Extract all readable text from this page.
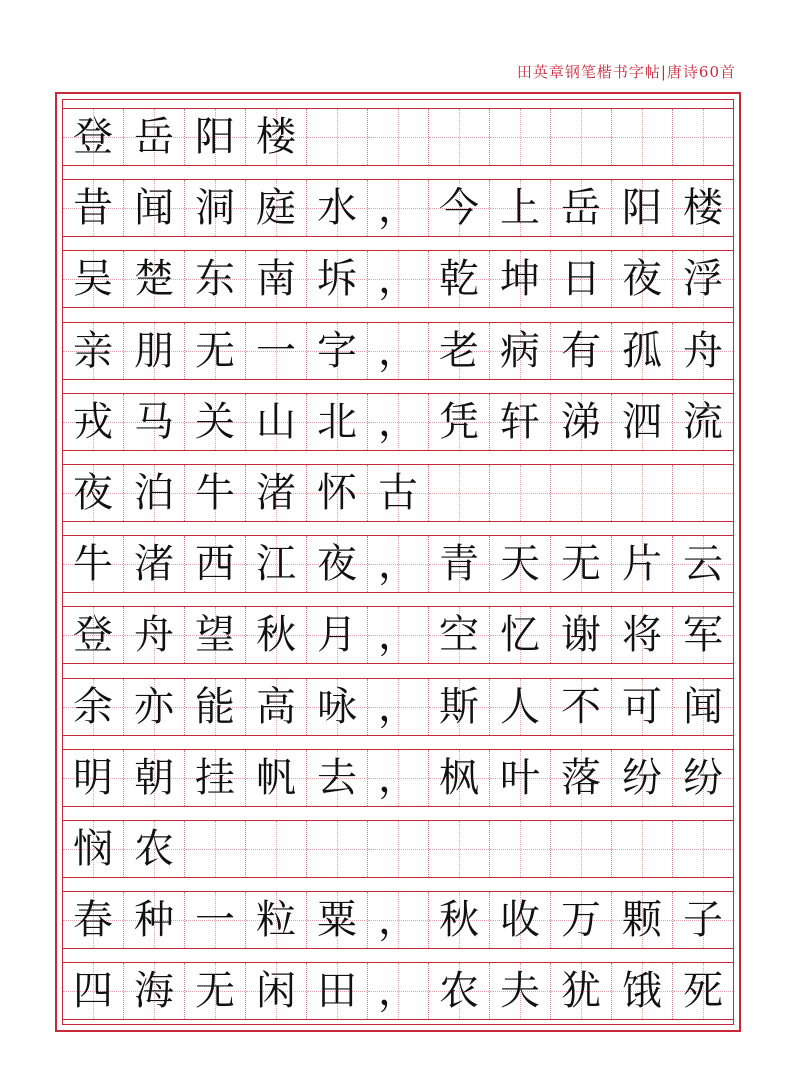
田英章钢笔楷书字帖|唐诗60首
登 岳 阳 楼
昔 闻 洞 庭 水 ， 今 上 岳 阳 楼
吴 楚 东 南 坼 ， 乾 坤 日 夜 浮
亲 朋 无 一 字 ， 老 病 有 孤 舟
戎 马 关 山 北 ， 凭 轩 涕 泗 流
夜 泊 牛 渚 怀 古
牛 渚 西 江 夜 ， 青 天 无 片 云
登 舟 望 秋 月 ， 空 忆 谢 将 军
余 亦 能 高 咏 ， 斯 人 不 可 闻
明 朝 挂 帆 去 ， 枫 叶 落 纷 纷
悯 农
春 种 一 粒 粟 ， 秋 收 万 颗 子
四 海 无 闲 田 ， 农 夫 犹 饿 死
